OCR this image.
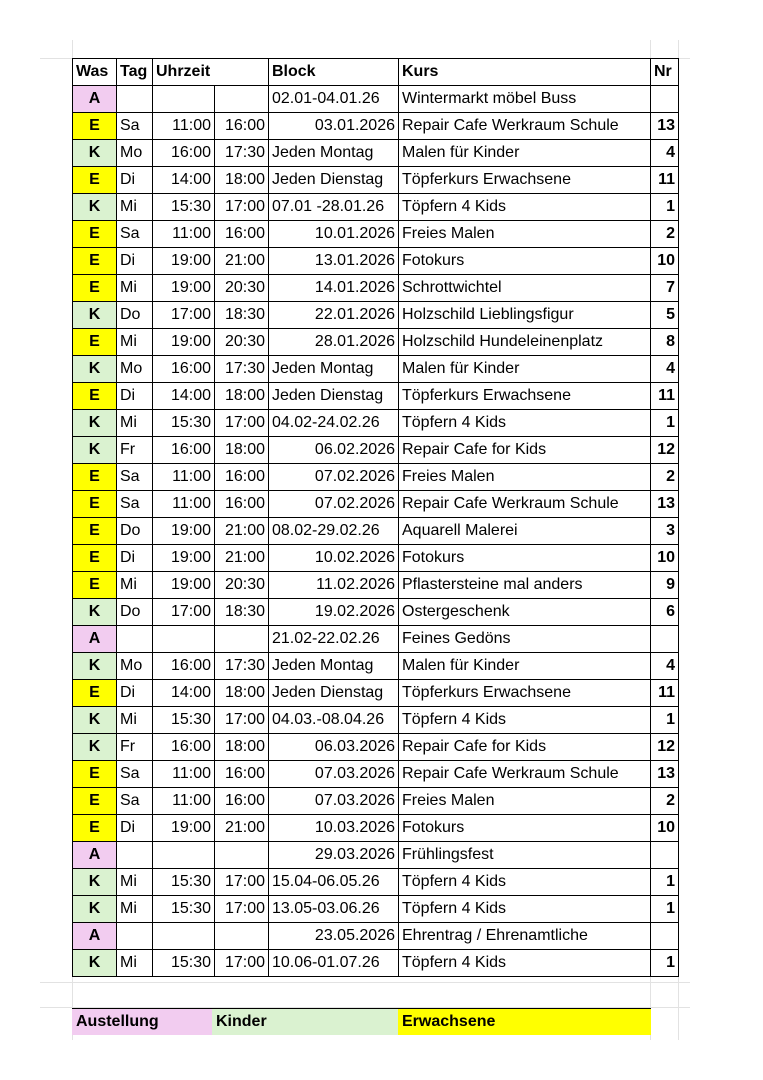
Was	Tag	Uhrzeit		Block	Kurs	Nr
A				02.01-04.01.26	Wintermarkt möbel Buss	
E	Sa	11:00	16:00	03.01.2026	Repair Cafe Werkraum Schule	13
K	Mo	16:00	17:30	Jeden Montag	Malen für Kinder	4
E	Di	14:00	18:00	Jeden Dienstag	Töpferkurs Erwachsene	11
K	Mi	15:30	17:00	07.01 -28.01.26	Töpfern 4 Kids	1
E	Sa	11:00	16:00	10.01.2026	Freies Malen	2
E	Di	19:00	21:00	13.01.2026	Fotokurs	10
E	Mi	19:00	20:30	14.01.2026	Schrottwichtel	7
K	Do	17:00	18:30	22.01.2026	Holzschild Lieblingsfigur	5
E	Mi	19:00	20:30	28.01.2026	Holzschild Hundeleinenplatz	8
K	Mo	16:00	17:30	Jeden Montag	Malen für Kinder	4
E	Di	14:00	18:00	Jeden Dienstag	Töpferkurs Erwachsene	11
K	Mi	15:30	17:00	04.02-24.02.26	Töpfern 4 Kids	1
K	Fr	16:00	18:00	06.02.2026	Repair Cafe for Kids	12
E	Sa	11:00	16:00	07.02.2026	Freies Malen	2
E	Sa	11:00	16:00	07.02.2026	Repair Cafe Werkraum Schule	13
E	Do	19:00	21:00	08.02-29.02.26	Aquarell Malerei	3
E	Di	19:00	21:00	10.02.2026	Fotokurs	10
E	Mi	19:00	20:30	11.02.2026	Pflastersteine mal anders	9
K	Do	17:00	18:30	19.02.2026	Ostergeschenk	6
A				21.02-22.02.26	Feines Gedöns	
K	Mo	16:00	17:30	Jeden Montag	Malen für Kinder	4
E	Di	14:00	18:00	Jeden Dienstag	Töpferkurs Erwachsene	11
K	Mi	15:30	17:00	04.03.-08.04.26	Töpfern 4 Kids	1
K	Fr	16:00	18:00	06.03.2026	Repair Cafe for Kids	12
E	Sa	11:00	16:00	07.03.2026	Repair Cafe Werkraum Schule	13
E	Sa	11:00	16:00	07.03.2026	Freies Malen	2
E	Di	19:00	21:00	10.03.2026	Fotokurs	10
A				29.03.2026	Frühlingsfest	
K	Mi	15:30	17:00	15.04-06.05.26	Töpfern 4 Kids	1
K	Mi	15:30	17:00	13.05-03.06.26	Töpfern 4 Kids	1
A				23.05.2026	Ehrentrag / Ehrenamtliche	
K	Mi	15:30	17:00	10.06-01.07.26	Töpfern 4 Kids	1
Austellung	Kinder	Erwachsene
